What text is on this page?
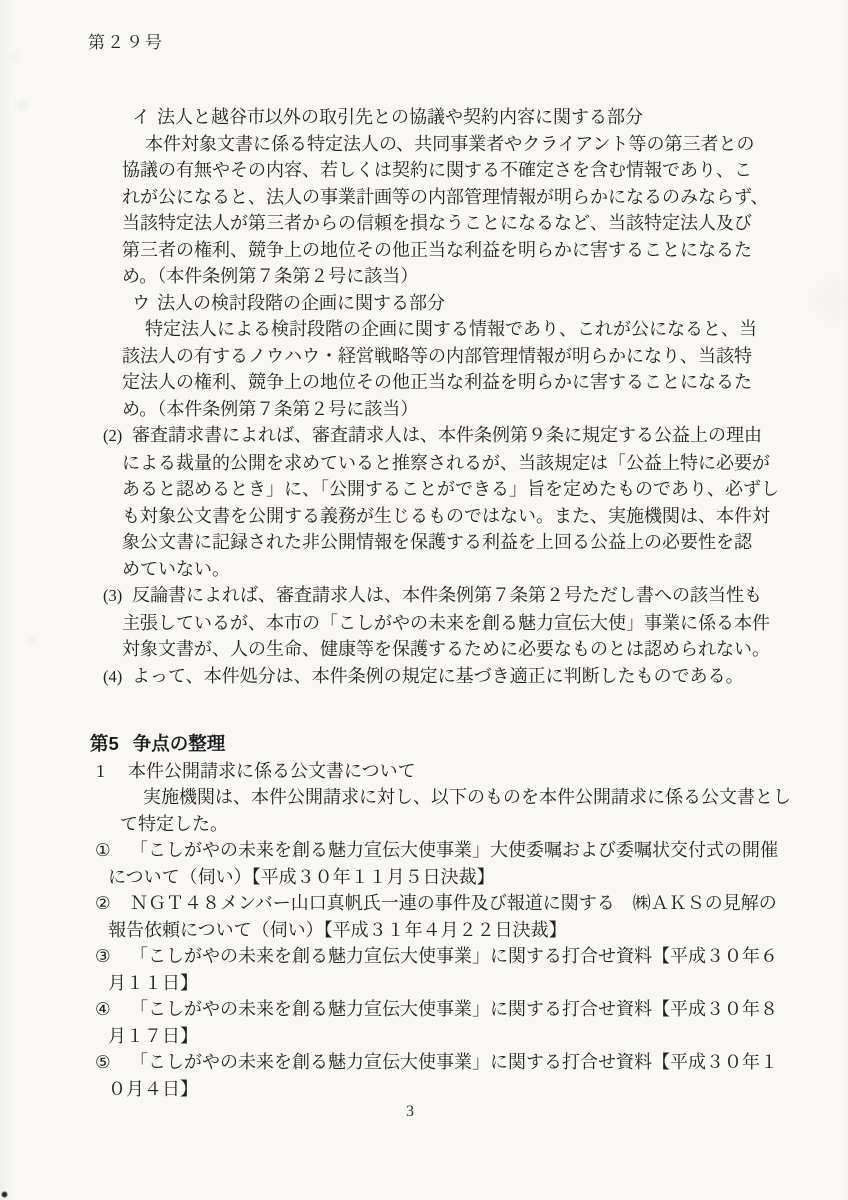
第２９号
イ 法人と越谷市以外の取引先との協議や契約内容に関する部分
本件対象文書に係る特定法人の、共同事業者やクライアント等の第三者との
協議の有無やその内容、若しくは契約に関する不確定さを含む情報であり、こ
れが公になると、法人の事業計画等の内部管理情報が明らかになるのみならず、
当該特定法人が第三者からの信頼を損なうことになるなど、当該特定法人及び
第三者の権利、競争上の地位その他正当な利益を明らかに害することになるた
め。（本件条例第７条第２号に該当）
ウ 法人の検討段階の企画に関する部分
特定法人による検討段階の企画に関する情報であり、これが公になると、当
該法人の有するノウハウ・経営戦略等の内部管理情報が明らかになり、当該特
定法人の権利、競争上の地位その他正当な利益を明らかに害することになるた
め。（本件条例第７条第２号に該当）
(2) 審査請求書によれば、審査請求人は、本件条例第９条に規定する公益上の理由
による裁量的公開を求めていると推察されるが、当該規定は「公益上特に必要が
あると認めるとき」に、「公開することができる」旨を定めたものであり、必ずし
も対象公文書を公開する義務が生じるものではない。また、実施機関は、本件対
象公文書に記録された非公開情報を保護する利益を上回る公益上の必要性を認
めていない。
(3) 反論書によれば、審査請求人は、本件条例第７条第２号ただし書への該当性も
主張しているが、本市の「こしがやの未来を創る魅力宣伝大使」事業に係る本件
対象文書が、人の生命、健康等を保護するために必要なものとは認められない。
(4) よって、本件処分は、本件条例の規定に基づき適正に判断したものである。
第5 争点の整理
1 本件公開請求に係る公文書について
実施機関は、本件公開請求に対し、以下のものを本件公開請求に係る公文書とし
て特定した。
① 「こしがやの未来を創る魅力宣伝大使事業」大使委嘱および委嘱状交付式の開催
について（伺い）【平成３０年１１月５日決裁】
② ＮＧＴ４８メンバー山口真帆氏一連の事件及び報道に関する　㈱ＡＫＳの見解の
報告依頼について（伺い）【平成３１年４月２２日決裁】
③ 「こしがやの未来を創る魅力宣伝大使事業」に関する打合せ資料【平成３０年６
月１１日】
④ 「こしがやの未来を創る魅力宣伝大使事業」に関する打合せ資料【平成３０年８
月１７日】
⑤ 「こしがやの未来を創る魅力宣伝大使事業」に関する打合せ資料【平成３０年１
０月４日】
3
